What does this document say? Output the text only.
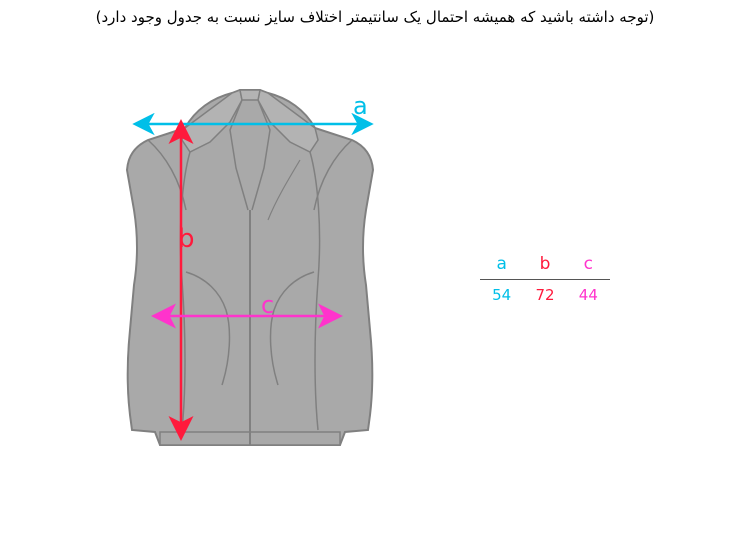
(توجه داشته باشید که همیشه احتمال یک سانتیمتر اختلاف سایز نسبت به جدول وجود دارد)
a
b
c
a	b	c
54	72	44
